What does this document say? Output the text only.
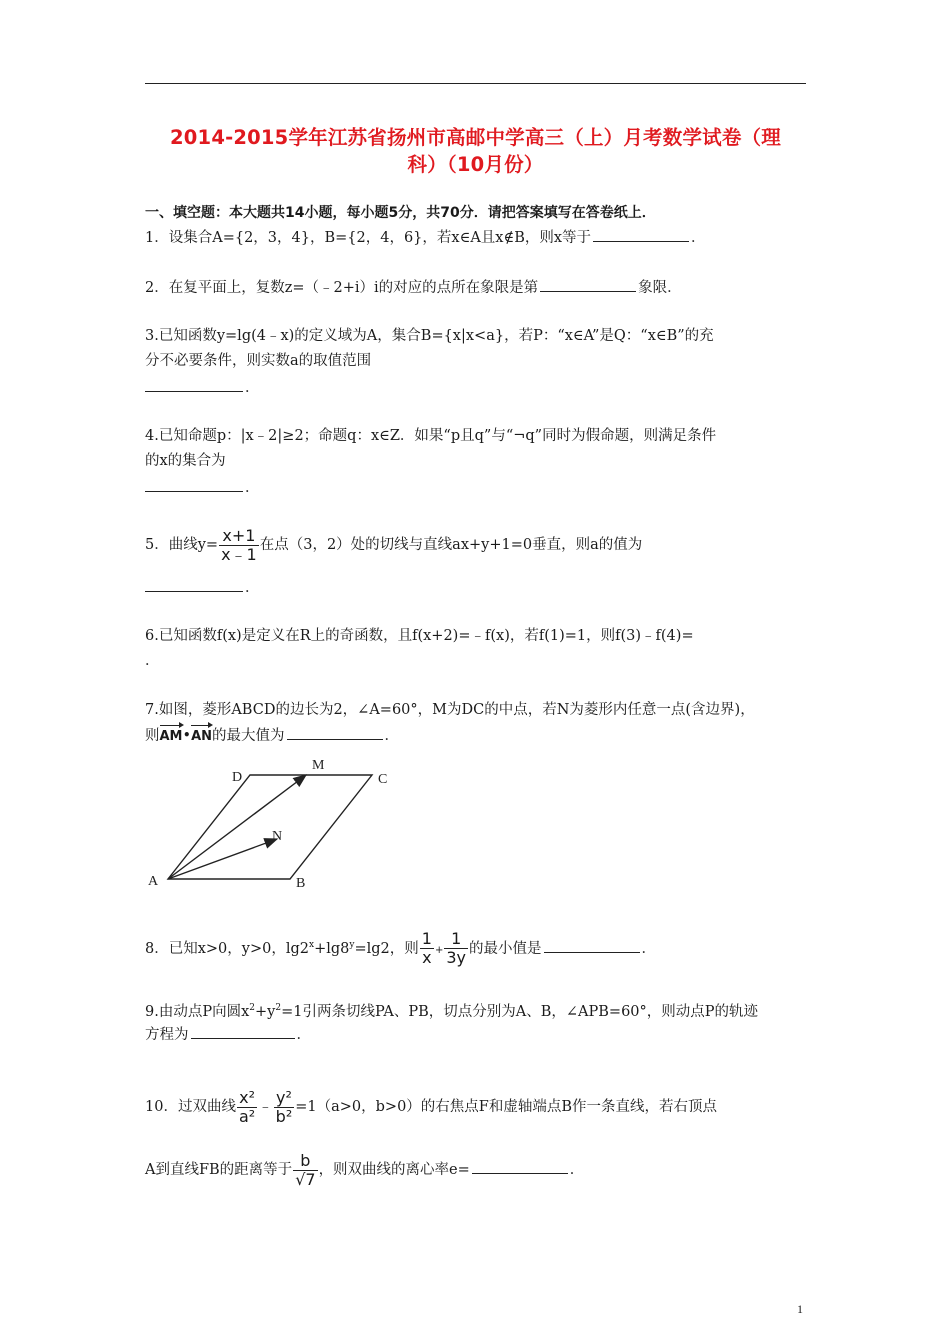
2014-2015学年江苏省扬州市高邮中学高三（上）月考数学试卷（理
科）（10月份）
一、填空题：本大题共14小题，每小题5分，共70分．请把答案填写在答卷纸上．
1．设集合A={2，3，4}，B={2，4，6}，若x∈A且x∉B，则x等于	．
2．在复平面上，复数z=（﹣2+i）i的对应的点所在象限是第	象限．
3.已知函数y=lg(4﹣x)的定义域为A，集合B={x|x<a}，若P：“x∈A”是Q：“x∈B”的充
分不必要条件，则实数a的取值范围
．
4.已知命题p：|x﹣2|≥2；命题q：x∈Z．如果“p且q”与“¬q”同时为假命题，则满足条件
的x的集合为
．
5．曲线$y= \frac{x+1}{x﹣1}$ 在点（3，2）处的切线与直线ax+y+1=0垂直，则a的值为
．
6.已知函数f(x)是定义在R上的奇函数，且f(x+2)=﹣f(x)，若f(1)=1，则f(3)﹣f(4)=
．
7.如图，菱形ABCD的边长为2，∠A=60°，M为DC的中点，若N为菱形内任意一点(含边界)，
则AM•AN的最大值为	．
A	B
C
D
M
N
8．已知x>0，y>0，$\lg 2^x+\lg 8^y=\lg 2$，则 $\frac{1}{x} + \frac{1}{3y}$ 的最小值是	．
9.由动点P向圆$x^2+y^2=1$引两条切线PA、PB，切点分别为A、B，∠APB=60°，则动点P的轨迹
方程为	．
10．过双曲线 $\frac{\text{x²}}{\text{a²}}$ ﹣ $\frac{\text{y²}}{\text{b²}} =1(a>0$，b>0）的右焦点F和虚轴端点B作一条直线，若右顶点
A到直线FB的距离等于 $\frac{b}{√7}$ ，则双曲线的离心率e=	．
1
